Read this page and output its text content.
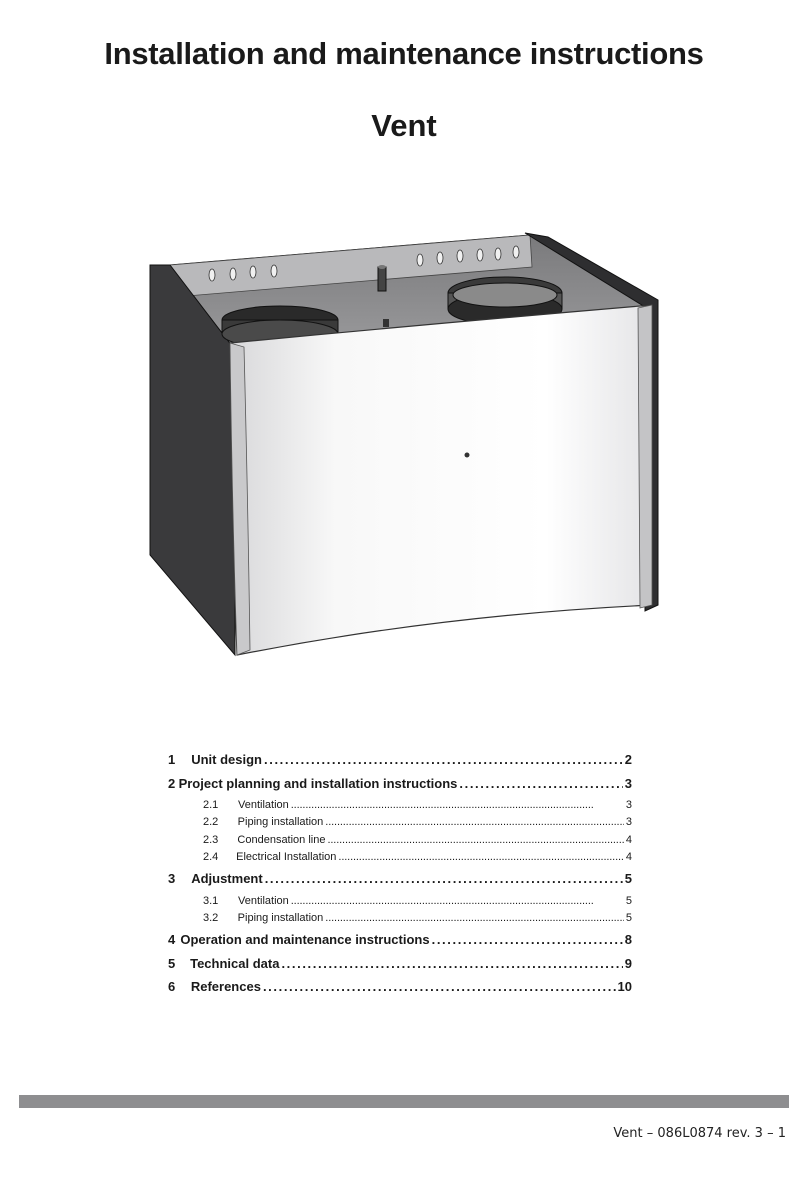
Installation and maintenance instructions
Vent
1	Unit design . . .	2
2 Project planning and installation instructions . . .	3
2.1	Ventilation . . .	3
2.2	Piping installation . . .	3
2.3	Condensation line . . .	4
2.4	Electrical Installation . . .	4
3	Adjustment . . .	5
3.1	Ventilation . . .	5
3.2	Piping installation . . .	5
4 Operation and maintenance instructions . . .	8
5	Technical data . . .	9
6	References . . .	10
Vent – 086L0874 rev. 3 – 1
